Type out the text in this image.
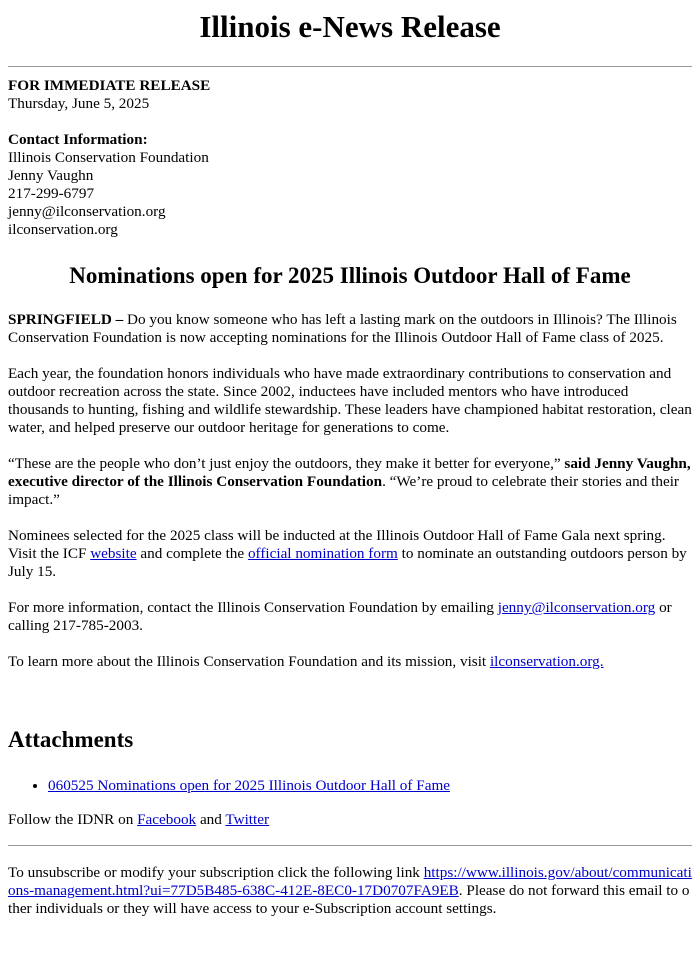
Illinois e-News Release

FOR IMMEDIATE RELEASE

Thursday, June 5, 2025

Contact Information:

Illinois Conservation Foundation

Jenny Vaughn

217-299-6797

jenny@ilconservation.org

ilconservation.org

Nominations open for 2025 Illinois Outdoor Hall of Fame

SPRINGFIELD – Do you know someone who has left a lasting mark on the outdoors in Illinois? The Illinois Conservation Foundation is now accepting nominations for the Illinois Outdoor Hall of Fame class of 2025.

Each year, the foundation honors individuals who have made extraordinary contributions to conservation and outdoor recreation across the state. Since 2002, inductees have included mentors who have introduced thousands to hunting, fishing and wildlife stewardship. These leaders have championed habitat restoration, clean water, and helped preserve our outdoor heritage for generations to come.

“These are the people who don’t just enjoy the outdoors, they make it better for everyone,” said Jenny Vaughn, executive director of the Illinois Conservation Foundation. “We’re proud to celebrate their stories and their impact.”

Nominees selected for the 2025 class will be inducted at the Illinois Outdoor Hall of Fame Gala next spring. Visit the ICF website and complete the official nomination form to nominate an outstanding outdoors person by July 15.

For more information, contact the Illinois Conservation Foundation by emailing jenny@ilconservation.org or calling 217-785-2003.

To learn more about the Illinois Conservation Foundation and its mission, visit ilconservation.org.

Attachments
• 060525 Nominations open for 2025 Illinois Outdoor Hall of Fame

Follow the IDNR on Facebook and Twitter

To unsubscribe or modify your subscription click the following link https://www.illinois.gov/about/communications-management.html?ui=77D5B485-638C-412E-8EC0-17D0707FA9EB. Please do not forward this email to other individuals or they will have access to your e-Subscription account settings.
